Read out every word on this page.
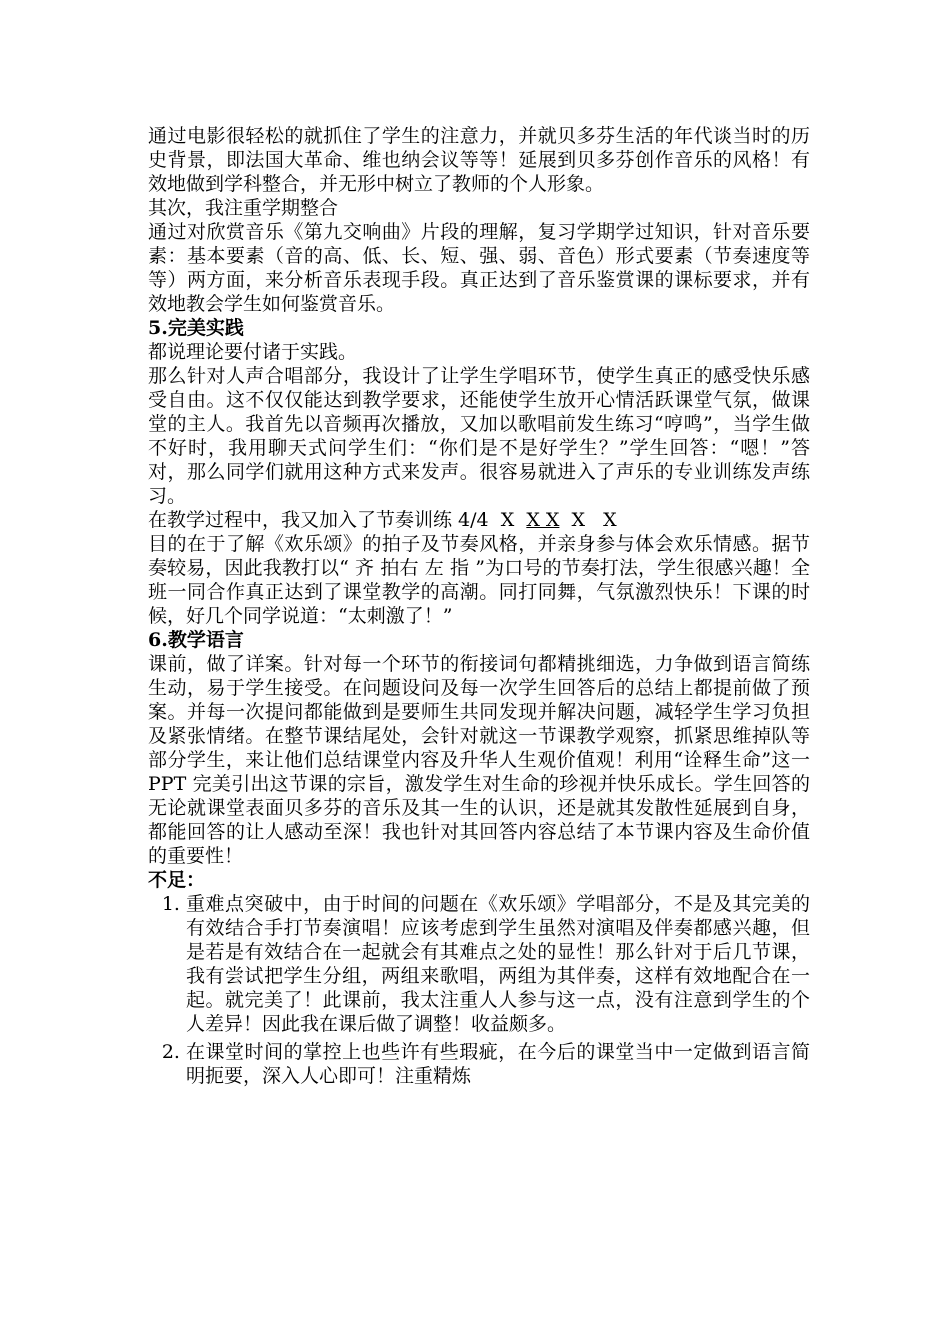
通过电影很轻松的就抓住了学生的注意力，并就贝多芬生活的年代谈当时的历史背景，即法国大革命、维也纳会议等等！延展到贝多芬创作音乐的风格！有效地做到学科整合，并无形中树立了教师的个人形象。

其次，我注重学期整合

通过对欣赏音乐《第九交响曲》片段的理解，复习学期学过知识，针对音乐要素：基本要素（音的高、低、长、短、强、弱、音色）形式要素（节奏速度等等）两方面，来分析音乐表现手段。真正达到了音乐鉴赏课的课标要求，并有效地教会学生如何鉴赏音乐。

5.完美实践

都说理论要付诸于实践。

那么针对人声合唱部分，我设计了让学生学唱环节，使学生真正的感受快乐感受自由。这不仅仅能达到教学要求，还能使学生放开心情活跃课堂气氛，做课堂的主人。我首先以音频再次播放，又加以歌唱前发生练习“哼鸣”，当学生做不好时，我用聊天式问学生们：“你们是不是好学生？”学生回答：“嗯！”答对，那么同学们就用这种方式来发声。很容易就进入了声乐的专业训练发声练习。

在教学过程中，我又加入了节奏训练 4/4  X  X X  X   X

目的在于了解《欢乐颂》的拍子及节奏风格，并亲身参与体会欢乐情感。据节奏较易，因此我教打以“ 齐 拍右 左 指 ”为口号的节奏打法，学生很感兴趣！全班一同合作真正达到了课堂教学的高潮。同打同舞，气氛激烈快乐！下课的时候，好几个同学说道：“太刺激了！”

6.教学语言

课前，做了详案。针对每一个环节的衔接词句都精挑细选，力争做到语言简练生动，易于学生接受。在问题设问及每一次学生回答后的总结上都提前做了预案。并每一次提问都能做到是要师生共同发现并解决问题，减轻学生学习负担及紧张情绪。在整节课结尾处，会针对就这一节课教学观察，抓紧思维掉队等部分学生，来让他们总结课堂内容及升华人生观价值观！利用“诠释生命”这一 PPT 完美引出这节课的宗旨，激发学生对生命的珍视并快乐成长。学生回答的无论就课堂表面贝多芬的音乐及其一生的认识，还是就其发散性延展到自身，都能回答的让人感动至深！我也针对其回答内容总结了本节课内容及生命价值的重要性！

不足：

1. 重难点突破中，由于时间的问题在《欢乐颂》学唱部分，不是及其完美的有效结合手打节奏演唱！应该考虑到学生虽然对演唱及伴奏都感兴趣，但是若是有效结合在一起就会有其难点之处的显性！那么针对于后几节课，我有尝试把学生分组，两组来歌唱，两组为其伴奏，这样有效地配合在一起。就完美了！此课前，我太注重人人参与这一点，没有注意到学生的个人差异！因此我在课后做了调整！收益颇多。
2. 在课堂时间的掌控上也些许有些瑕疵，在今后的课堂当中一定做到语言简明扼要，深入人心即可！注重精炼
